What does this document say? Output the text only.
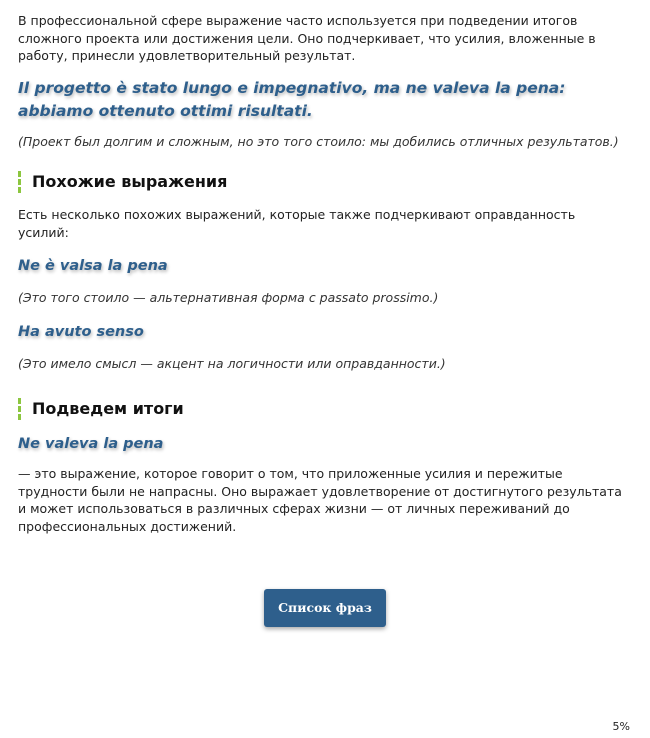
В профессиональной сфере выражение часто используется при подведении итогов сложного проекта или достижения цели. Оно подчеркивает, что усилия, вложенные в работу, принесли удовлетворительный результат.

Il progetto è stato lungo e impegnativo, ma ne valeva la pena: abbiamo ottenuto ottimi risultati.

(Проект был долгим и сложным, но это того стоило: мы добились отличных результатов.)

Похожие выражения

Есть несколько похожих выражений, которые также подчеркивают оправданность усилий:

Ne è valsa la pena

(Это того стоило — альтернативная форма с passato prossimo.)

Ha avuto senso

(Это имело смысл — акцент на логичности или оправданности.)

Подведем итоги

Ne valeva la pena

— это выражение, которое говорит о том, что приложенные усилия и пережитые трудности были не напрасны. Оно выражает удовлетворение от достигнутого результата и может использоваться в различных сферах жизни — от личных переживаний до профессиональных достижений.

Список фраз
5%
